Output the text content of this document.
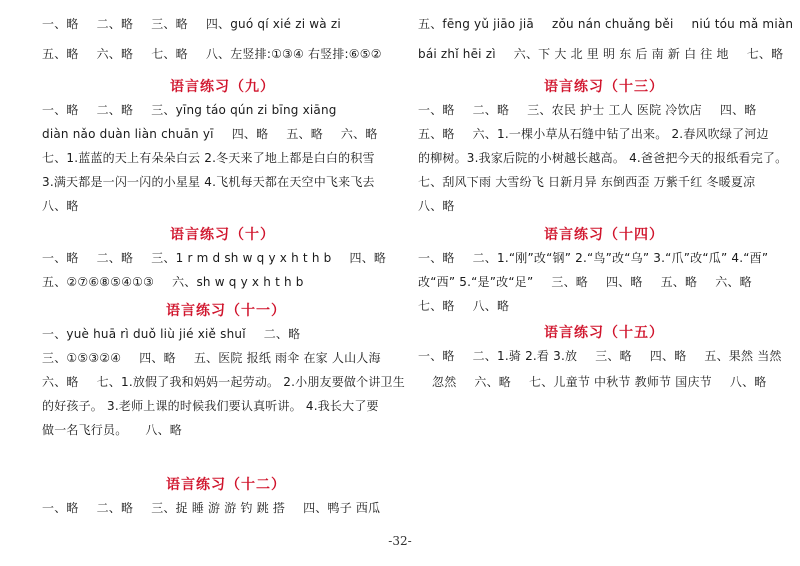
一、略 二、略 三、略 四、guó qí xié zi wà zi
五、略 六、略 七、略 八、左竖排:①③④ 右竖排:⑥⑤②
语言练习（九）
一、略 二、略 三、yīng táo qún zi bīng xiāng
diàn nǎo duàn liàn chuān yī 四、略 五、略 六、略
七、1.蓝蓝的天上有朵朵白云 2.冬天来了地上都是白白的积雪
3.满天都是一闪一闪的小星星 4.飞机每天都在天空中飞来飞去
八、略
语言练习（十）
一、略 二、略 三、1 r m d sh w q y x h t h b 四、略
五、②⑦⑥⑧⑤④①③ 六、sh w q y x h t h b
语言练习（十一）
一、yuè huā rì duǒ liù jié xiě shuǐ 二、略
三、①⑤③②④ 四、略 五、医院 报纸 雨伞 在家 人山人海
六、略 七、1.放假了我和妈妈一起劳动。 2.小朋友要做个讲卫生
的好孩子。 3.老师上课的时候我们要认真听讲。 4.我长大了要
做一名飞行员。 八、略
语言练习（十二）
一、略 二、略 三、捉 睡 游 游 钓 跳 搭 四、鸭子 西瓜
五、fēng yǔ jiāo jiā zǒu nán chuǎng běi niú tóu mǎ miàn
bái zhǐ hēi zì 六、下 大 北 里 明 东 后 南 新 白 往 地 七、略
语言练习（十三）
一、略 二、略 三、农民 护士 工人 医院 冷饮店 四、略
五、略 六、1.一棵小草从石缝中钻了出来。 2.春风吹绿了河边
的柳树。3.我家后院的小树越长越高。 4.爸爸把今天的报纸看完了。
七、刮风下雨 大雪纷飞 日新月异 东倒西歪 万紫千红 冬暖夏凉
八、略
语言练习（十四）
一、略 二、1.“刚”改“钢” 2.“鸟”改“乌” 3.“爪”改“瓜” 4.“酉”
改“西” 5.“是”改“足” 三、略 四、略 五、略 六、略
七、略 八、略
语言练习（十五）
一、略 二、1.骑 2.看 3.放 三、略 四、略 五、果然 当然
忽然 六、略 七、儿童节 中秋节 教师节 国庆节 八、略
-32-
